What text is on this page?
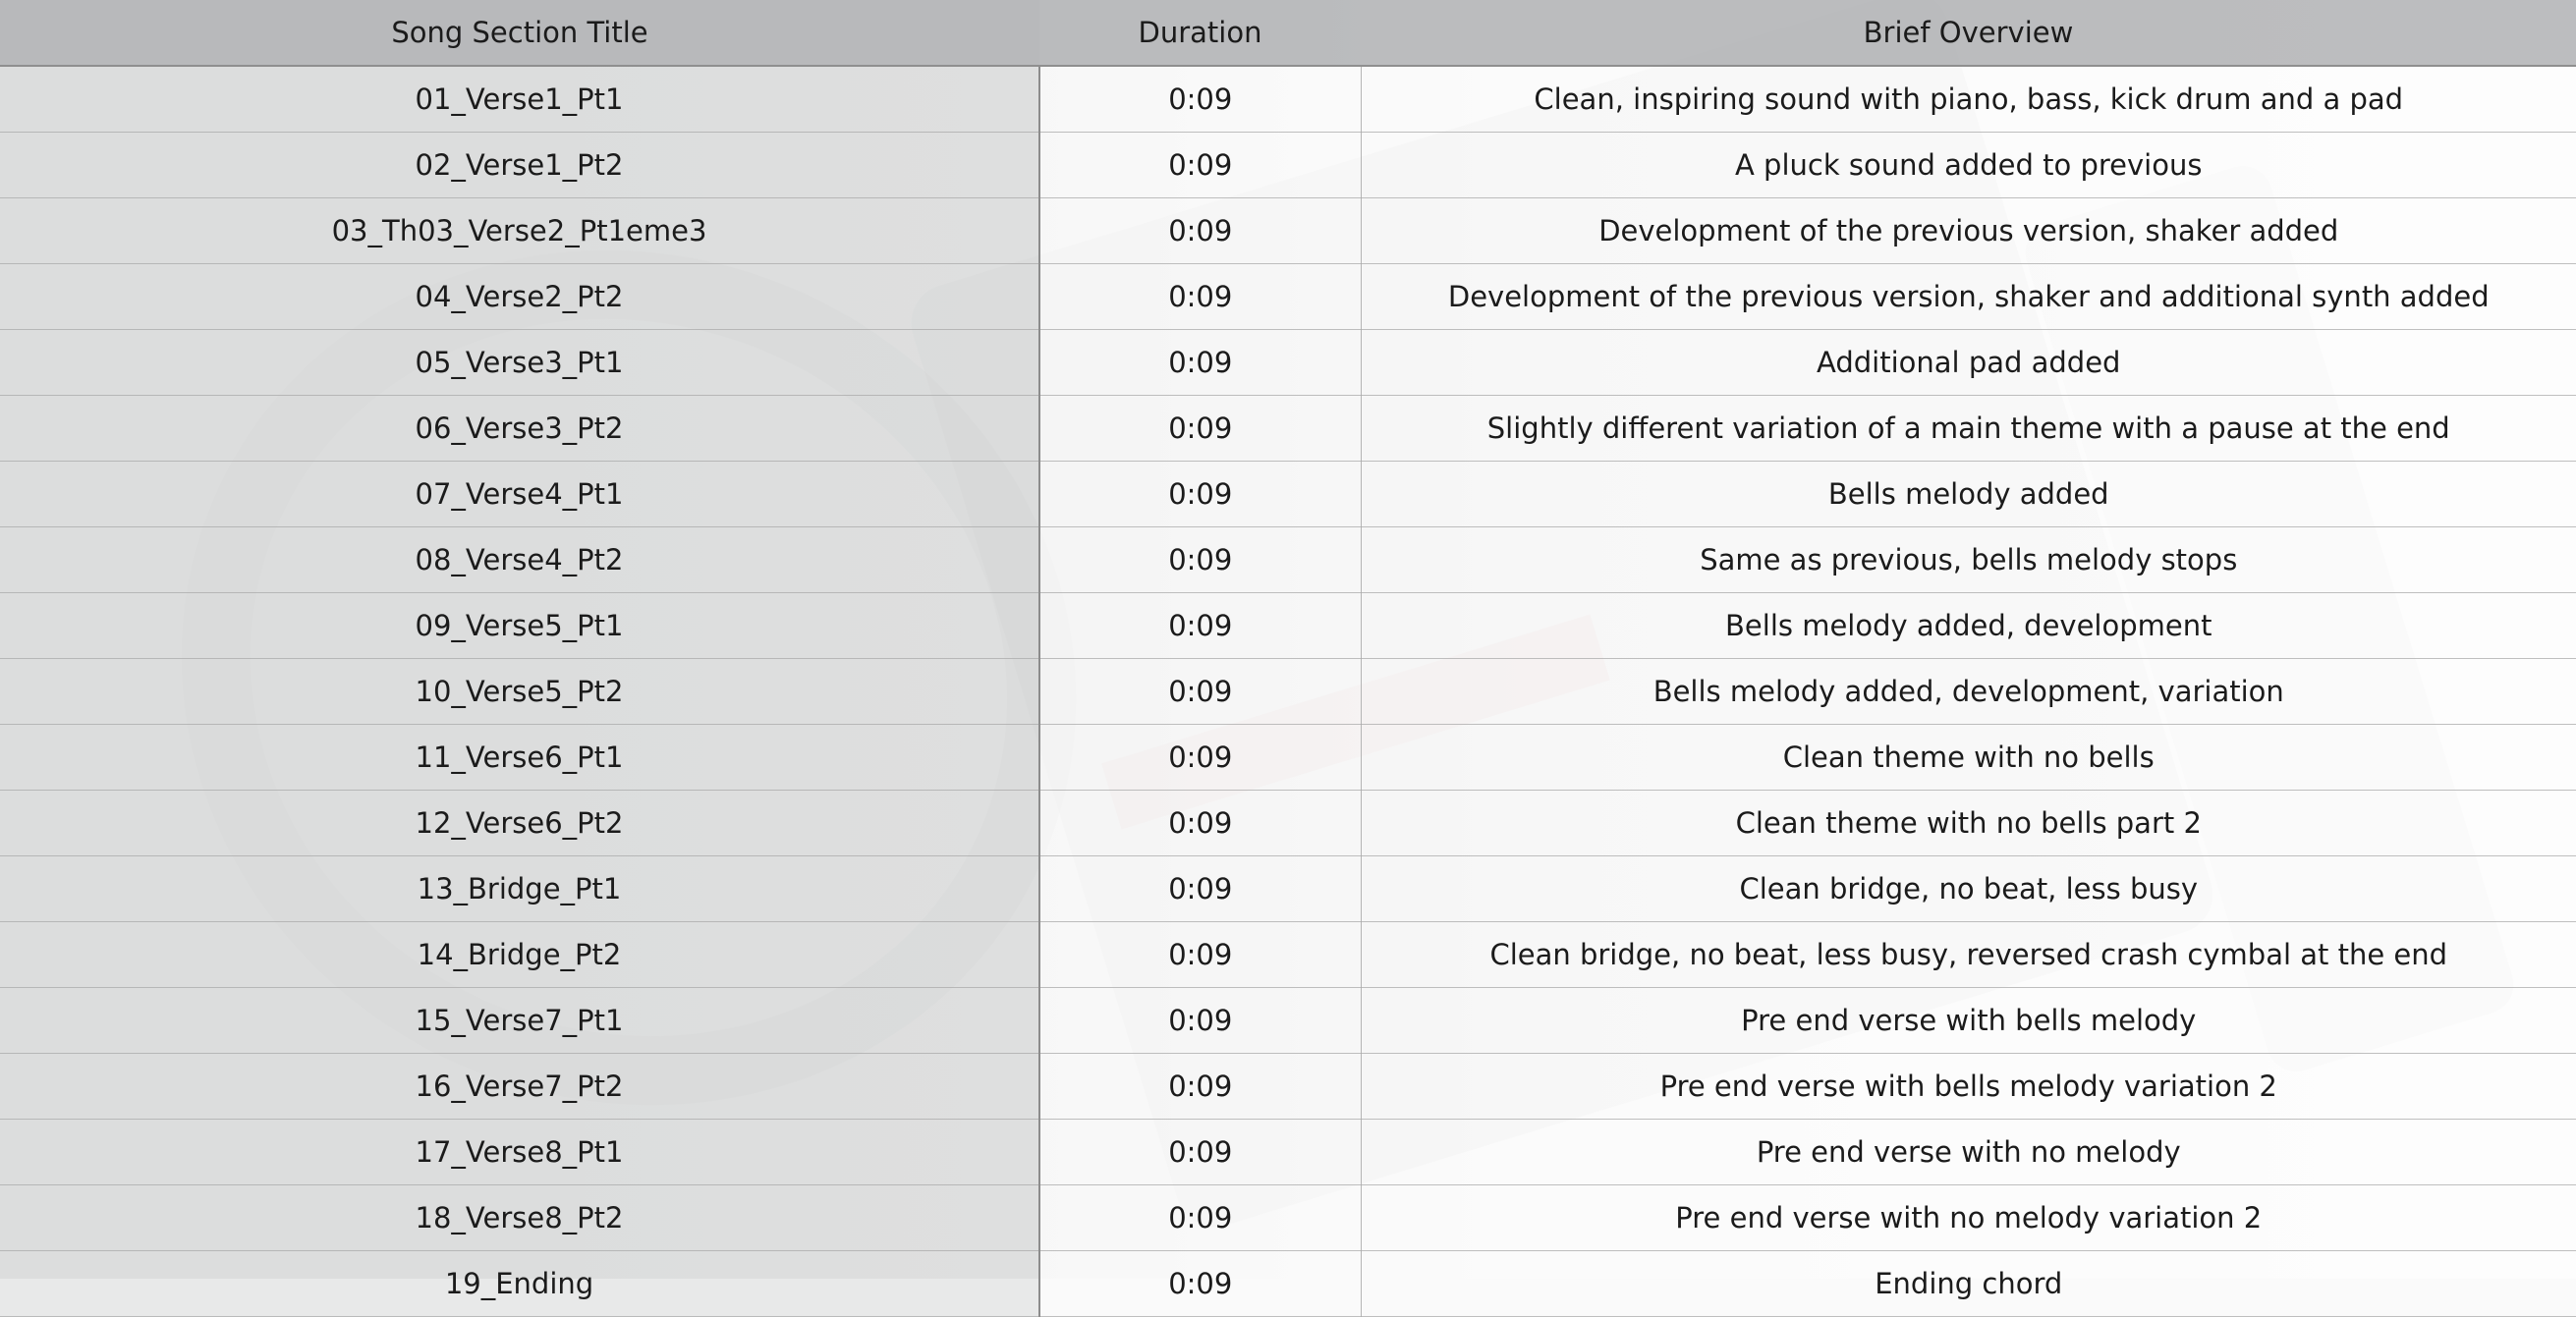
Song Section Title	Duration	Brief Overview
01_Verse1_Pt1	0:09	Clean, inspiring sound with piano, bass, kick drum and a pad
02_Verse1_Pt2	0:09	A pluck sound added to previous
03_Th03_Verse2_Pt1eme3	0:09	Development of the previous version, shaker added
04_Verse2_Pt2	0:09	Development of the previous version, shaker and additional synth added
05_Verse3_Pt1	0:09	Additional pad added
06_Verse3_Pt2	0:09	Slightly different variation of a main theme with a pause at the end
07_Verse4_Pt1	0:09	Bells melody added
08_Verse4_Pt2	0:09	Same as previous, bells melody stops
09_Verse5_Pt1	0:09	Bells melody added, development
10_Verse5_Pt2	0:09	Bells melody added, development, variation
11_Verse6_Pt1	0:09	Clean theme with no bells
12_Verse6_Pt2	0:09	Clean theme with no bells part 2
13_Bridge_Pt1	0:09	Clean bridge, no beat, less busy
14_Bridge_Pt2	0:09	Clean bridge, no beat, less busy, reversed crash cymbal at the end
15_Verse7_Pt1	0:09	Pre end verse with bells melody
16_Verse7_Pt2	0:09	Pre end verse with bells melody variation 2
17_Verse8_Pt1	0:09	Pre end verse with no melody
18_Verse8_Pt2	0:09	Pre end verse with no melody variation 2
19_Ending	0:09	Ending chord
